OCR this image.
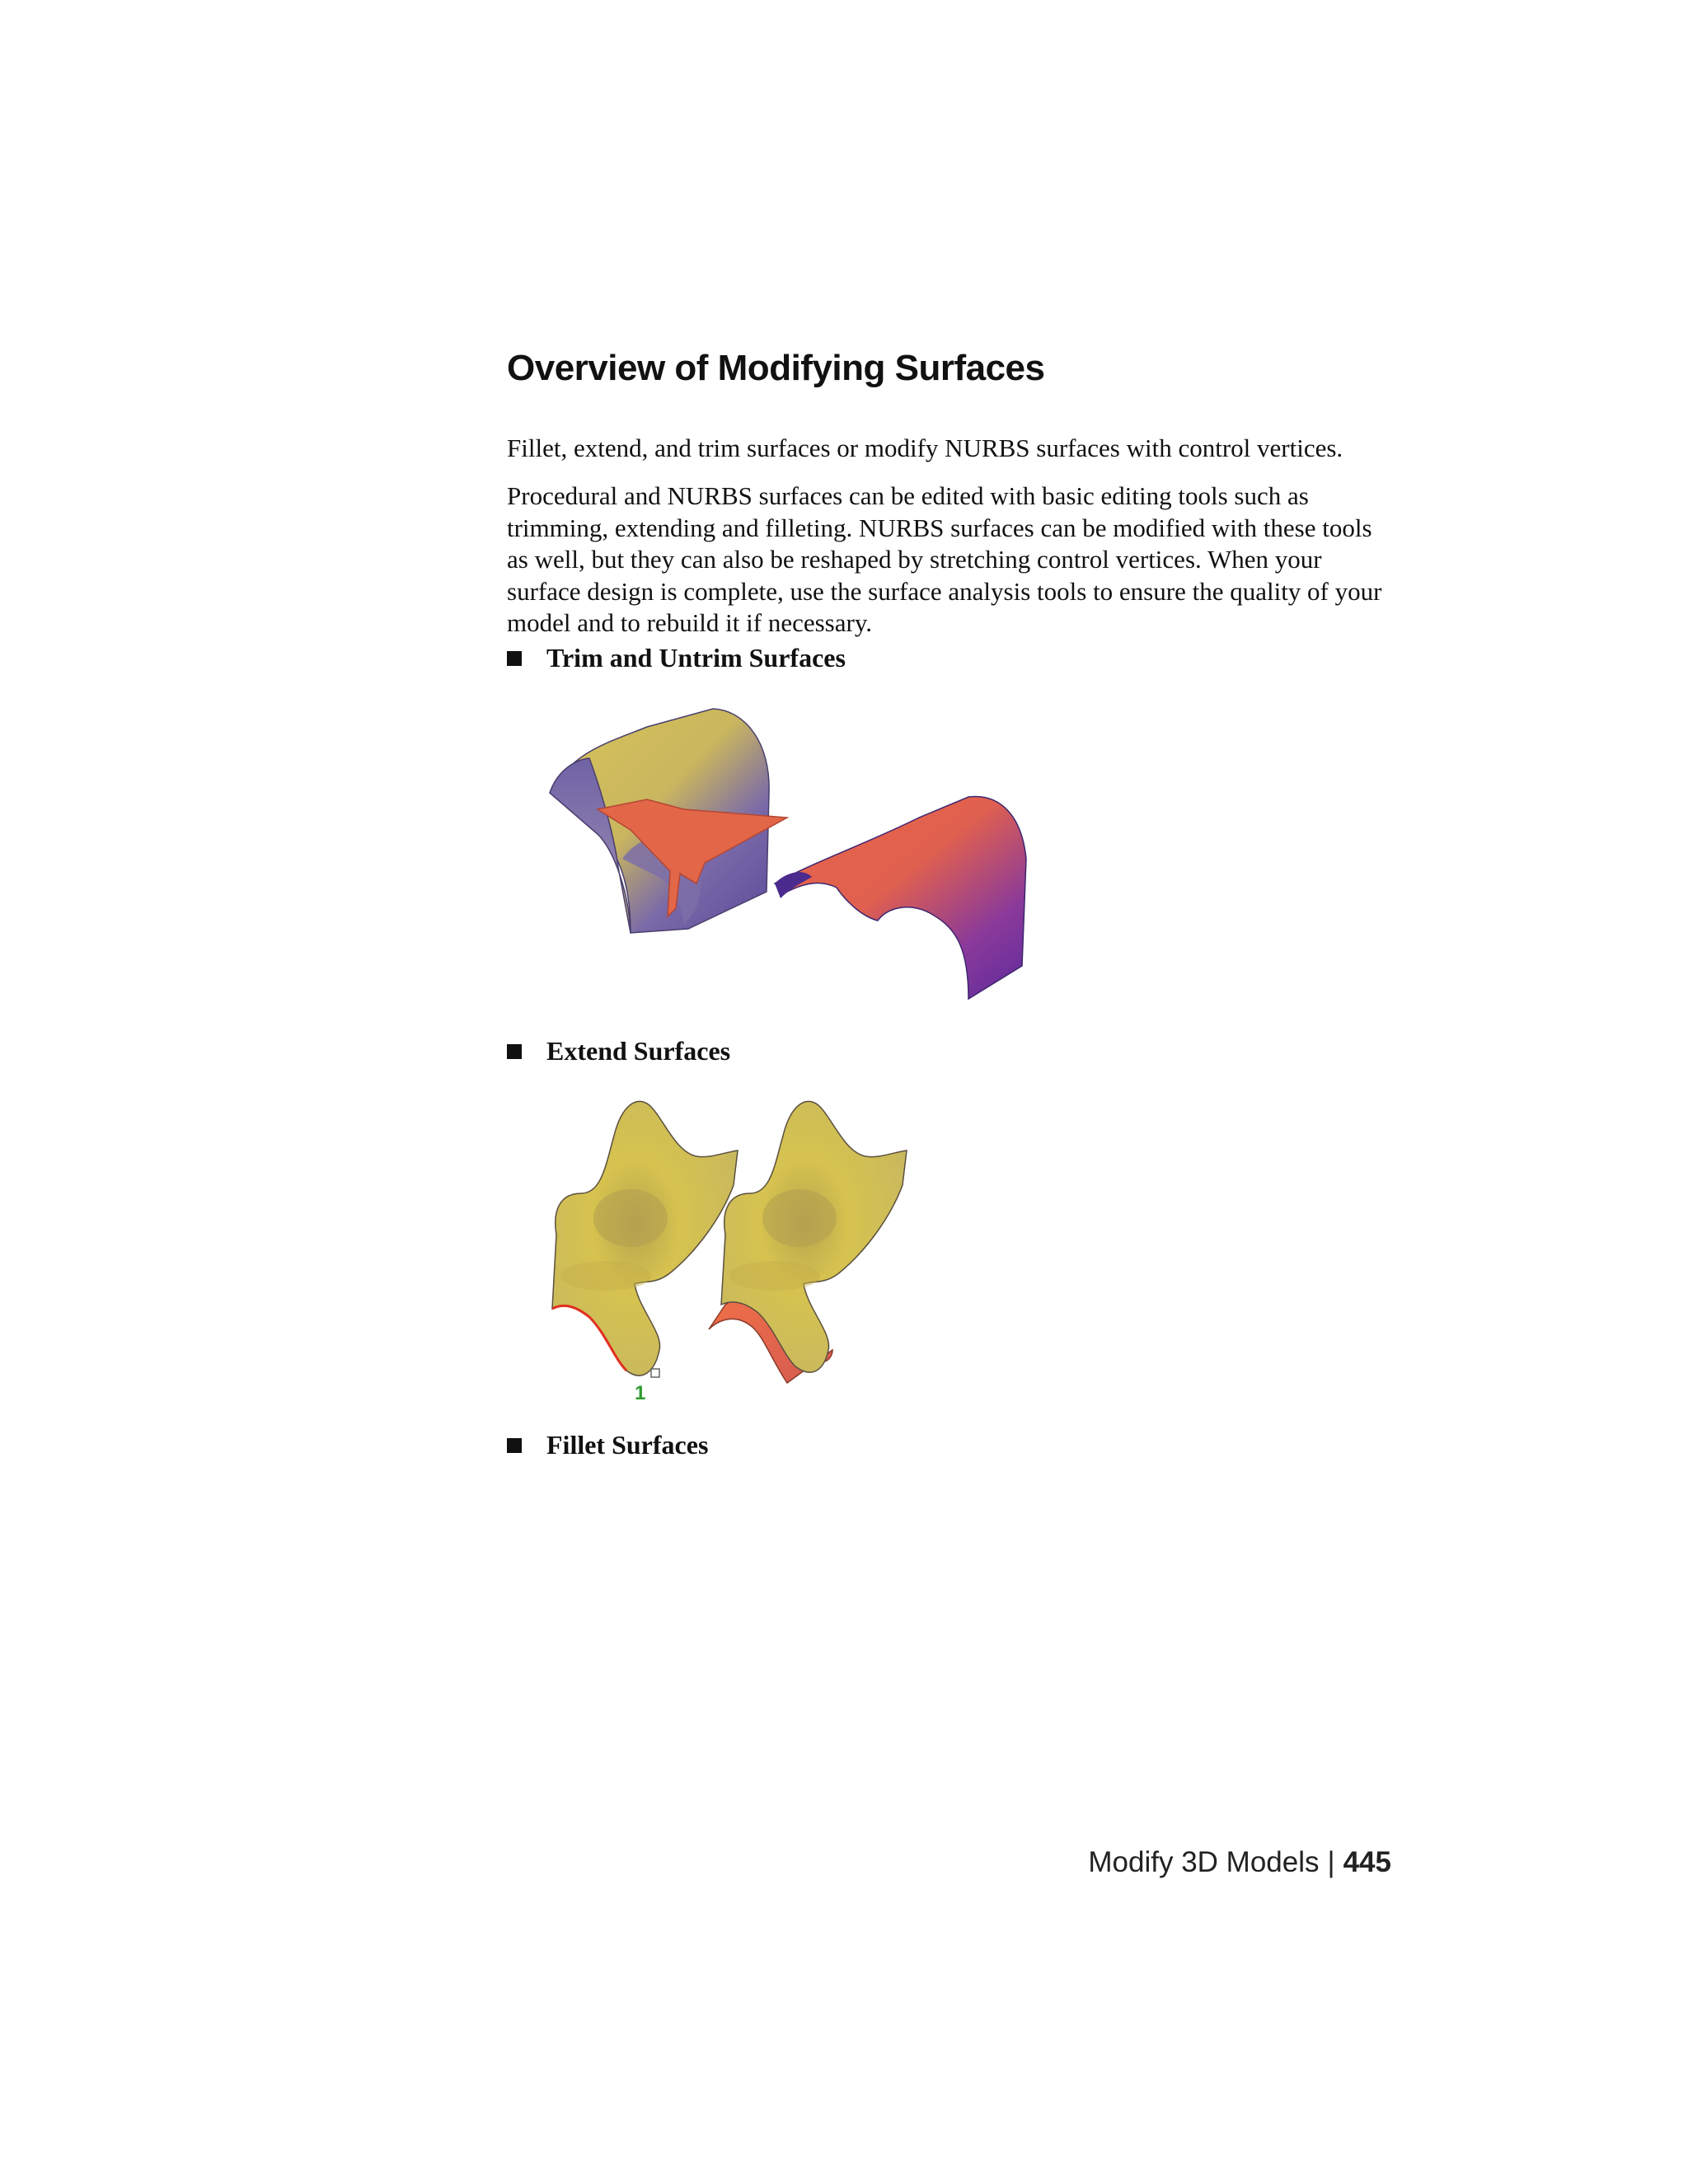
Overview of Modifying Surfaces

Fillet, extend, and trim surfaces or modify NURBS surfaces with control vertices.

Procedural and NURBS surfaces can be edited with basic editing tools such as trimming, extending and filleting. NURBS surfaces can be modified with these tools as well, but they can also be reshaped by stretching control vertices. When your surface design is complete, use the surface analysis tools to ensure the quality of your model and to rebuild it if necessary.

Trim and Untrim Surfaces
Extend Surfaces
1
Fillet Surfaces
Modify 3D Models | 445
